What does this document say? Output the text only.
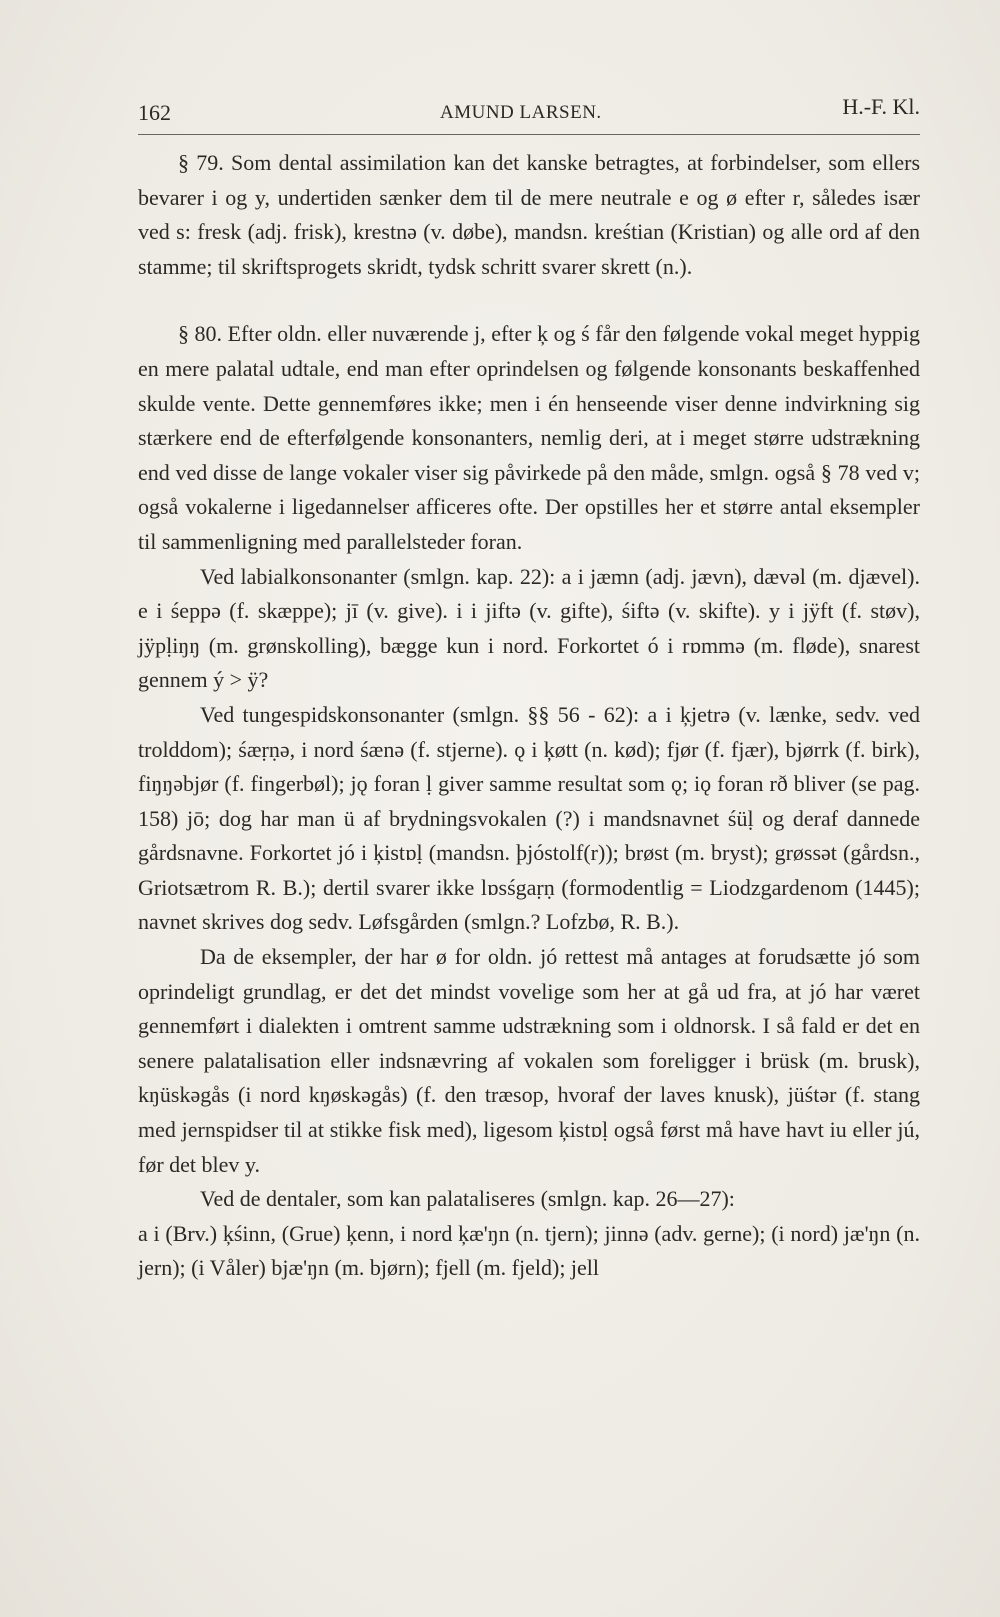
162	AMUND LARSEN.	H.-F. Kl.

§ 79. Som dental assimilation kan det kanske betragtes, at forbindelser, som ellers bevarer i og y, undertiden sænker dem til de mere neutrale e og ø efter r, således især ved s: fresk (adj. frisk), krestnə (v. døbe), mandsn. kreśtian (Kristian) og alle ord af den stamme; til skriftsprogets skridt, tydsk schritt svarer skrett (n.).

§ 80. Efter oldn. eller nuværende j, efter ķ og ś får den følgende vokal meget hyppig en mere palatal udtale, end man efter oprindelsen og følgende konsonants beskaffenhed skulde vente. Dette gennemføres ikke; men i én henseende viser denne indvirkning sig stærkere end de efterfølgende konsonanters, nemlig deri, at i meget større udstrækning end ved disse de lange vokaler viser sig påvirkede på den måde, smlgn. også § 78 ved v; også vokalerne i ligedannelser afficeres ofte. Der opstilles her et større antal eksempler til sammenligning med parallelsteder foran.

Ved labialkonsonanter (smlgn. kap. 22): a i jæmn (adj. jævn), dævəl (m. djævel). e i śeppə (f. skæppe); jī (v. give). i i jiftə (v. gifte), śiftə (v. skifte). y i jÿft (f. støv), jÿpḷiŋŋ (m. grønskolling), bægge kun i nord. Forkortet ó i rɒmmə (m. fløde), snarest gennem ý > ÿ?

Ved tungespidskonsonanter (smlgn. §§ 56 - 62): a i ķjetrə (v. lænke, sedv. ved trolddom); śæṛṇə, i nord śænə (f. stjerne). ǫ i ķøtt (n. kød); fjør (f. fjær), bjørrk (f. birk), fiŋŋəbjør (f. fingerbøl); jǫ foran ḷ giver samme resultat som ǫ; iǫ foran rð bliver (se pag. 158) jō; dog har man ü af brydningsvokalen (?) i mandsnavnet śüḷ og deraf dannede gårdsnavne. Forkortet jó i ķistɒḷ (mandsn. þjóstolf(r)); brøst (m. bryst); grøssət (gårdsn., Griotsætrom R. B.); dertil svarer ikke lɒsśgaṛṇ (formodentlig = Liodzgardenom (1445); navnet skrives dog sedv. Løfsgården (smlgn.? Lofzbø, R. B.).

Da de eksempler, der har ø for oldn. jó rettest må antages at forudsætte jó som oprindeligt grundlag, er det det mindst vovelige som her at gå ud fra, at jó har været gennemført i dialekten i omtrent samme udstrækning som i oldnorsk. I så fald er det en senere palatalisation eller indsnævring af vokalen som foreligger i brüsk (m. brusk), kŋüskəgås (i nord kŋøskəgås) (f. den træsop, hvoraf der laves knusk), jüśtər (f. stang med jernspidser til at stikke fisk med), ligesom ķistɒḷ også først må have havt iu eller jú, før det blev y.

Ved de dentaler, som kan palataliseres (smlgn. kap. 26—27):

a i (Brv.) ķśinn, (Grue) ķenn, i nord ķæ'ŋn (n. tjern); jinnə (adv. gerne); (i nord) jæ'ŋn (n. jern); (i Våler) bjæ'ŋn (m. bjørn); fjell (m. fjeld); jell
